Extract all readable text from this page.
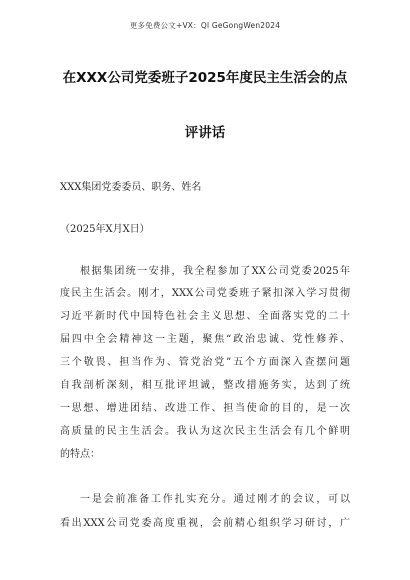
更多免费公文+VX：Ql GeGongWen2024
在XXX公司党委班子2025年度民主生活会的点
评讲话
XXX集团党委委员、职务、姓名
（2025年X月X日）
根据集团统一安排，我全程参加了XX公司党委2025年
度民主生活会。刚才，XXX公司党委班子紧扣深入学习贯彻
习近平新时代中国特色社会主义思想、全面落实党的二十
届四中全会精神这一主题，聚焦“政治忠诚、党性修养、
三个敬畏、担当作为、管党治党”五个方面深入查摆问题
自我剖析深刻，相互批评坦诚，整改措施务实，达到了统
一思想、增进团结、改进工作、担当使命的目的，是一次
高质量的民主生活会。我认为这次民主生活会有几个鲜明
的特点：
一是会前准备工作扎实充分。通过刚才的会议，可以
看出XXX公司党委高度重视，会前精心组织学习研讨，广
